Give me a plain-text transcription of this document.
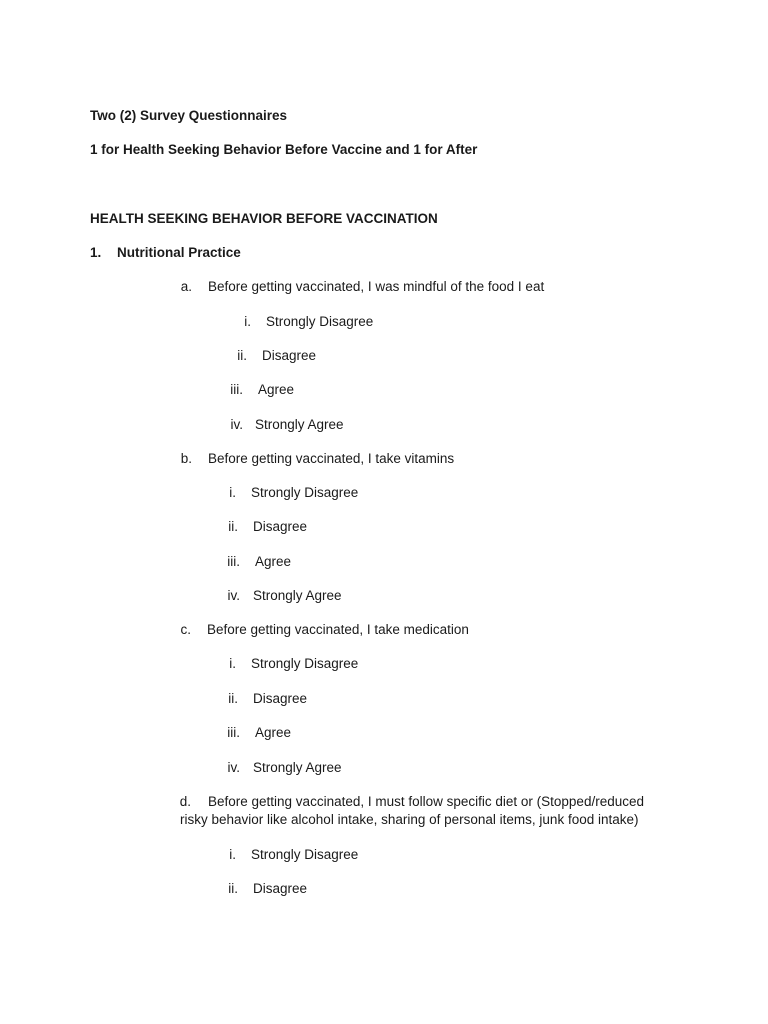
Two (2) Survey Questionnaires
1 for Health Seeking Behavior Before Vaccine and 1 for After
HEALTH SEEKING BEHAVIOR BEFORE VACCINATION
1. Nutritional Practice
a. Before getting vaccinated, I was mindful of the food I eat
i. Strongly Disagree
ii. Disagree
iii. Agree
iv. Strongly Agree
b. Before getting vaccinated, I take vitamins
i. Strongly Disagree
ii. Disagree
iii. Agree
iv. Strongly Agree
c. Before getting vaccinated, I take medication
i. Strongly Disagree
ii. Disagree
iii. Agree
iv. Strongly Agree
d. Before getting vaccinated, I must follow specific diet or (Stopped/reduced
risky behavior like alcohol intake, sharing of personal items, junk food intake)
i. Strongly Disagree
ii. Disagree
